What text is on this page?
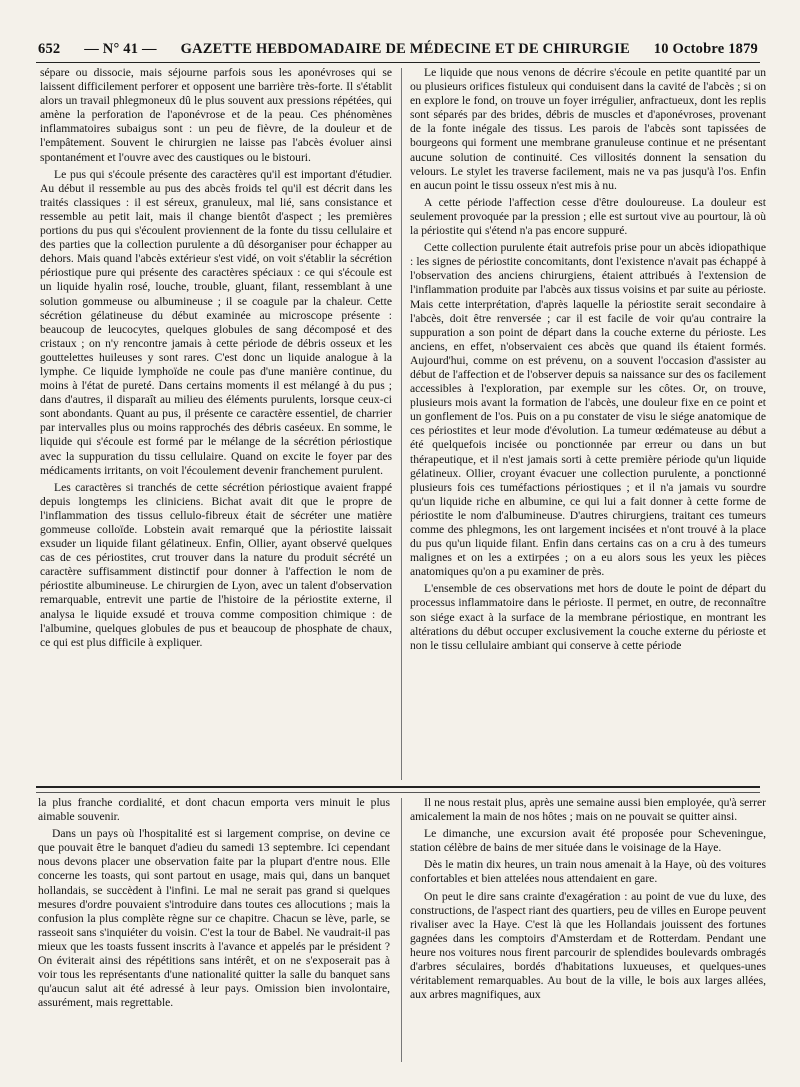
652 — N° 41 — GAZETTE HEBDOMADAIRE DE MÉDECINE ET DE CHIRURGIE 10 Octobre 1879

sépare ou dissocie, mais séjourne parfois sous les aponévroses qui se laissent difficilement perforer et opposent une barrière très-forte. Il s'établit alors un travail phlegmoneux dû le plus souvent aux pressions répétées, qui amène la perforation de l'aponévrose et de la peau. Ces phénomènes inflammatoires subaigus sont : un peu de fièvre, de la douleur et de l'empâtement. Souvent le chirurgien ne laisse pas l'abcès évoluer ainsi spontanément et l'ouvre avec des caustiques ou le bistouri.

Le pus qui s'écoule présente des caractères qu'il est important d'étudier. Au début il ressemble au pus des abcès froids tel qu'il est décrit dans les traités classiques : il est séreux, granuleux, mal lié, sans consistance et ressemble au petit lait, mais il change bientôt d'aspect ; les premières portions du pus qui s'écoulent proviennent de la fonte du tissu cellulaire et des parties que la collection purulente a dû désorganiser pour échapper au dehors. Mais quand l'abcès extérieur s'est vidé, on voit s'établir la sécrétion périostique pure qui présente des caractères spéciaux : ce qui s'écoule est un liquide hyalin rosé, louche, trouble, gluant, filant, ressemblant à une solution gommeuse ou albumineuse ; il se coagule par la chaleur. Cette sécrétion gélatineuse du début examinée au microscope présente : beaucoup de leucocytes, quelques globules de sang décomposé et des cristaux ; on n'y rencontre jamais à cette période de débris osseux et les gouttelettes huileuses y sont rares. C'est donc un liquide analogue à la lymphe. Ce liquide lymphoïde ne coule pas d'une manière continue, du moins à l'état de pureté. Dans certains moments il est mélangé à du pus ; dans d'autres, il disparaît au milieu des éléments purulents, lorsque ceux-ci sont abondants. Quant au pus, il présente ce caractère essentiel, de charrier par intervalles plus ou moins rapprochés des débris caséeux. En somme, le liquide qui s'écoule est formé par le mélange de la sécrétion périostique avec la suppuration du tissu cellulaire. Quand on excite le foyer par des médicaments irritants, on voit l'écoulement devenir franchement purulent.

Les caractères si tranchés de cette sécrétion périostique avaient frappé depuis longtemps les cliniciens. Bichat avait dit que le propre de l'inflammation des tissus cellulo-fibreux était de sécréter une matière gommeuse colloïde. Lobstein avait remarqué que la périostite laissait exsuder un liquide filant gélatineux. Enfin, Ollier, ayant observé quelques cas de ces périostites, crut trouver dans la nature du produit sécrété un caractère suffisamment distinctif pour donner à l'affection le nom de périostite albumineuse. Le chirurgien de Lyon, avec un talent d'observation remarquable, entrevit une partie de l'histoire de la périostite externe, il analysa le liquide exsudé et trouva comme composition chimique : de l'albumine, quelques globules de pus et beaucoup de phosphate de chaux, ce qui est plus difficile à expliquer.

Le liquide que nous venons de décrire s'écoule en petite quantité par un ou plusieurs orifices fistuleux qui conduisent dans la cavité de l'abcès ; si on en explore le fond, on trouve un foyer irrégulier, anfractueux, dont les replis sont séparés par des brides, débris de muscles et d'aponévroses, provenant de la fonte inégale des tissus. Les parois de l'abcès sont tapissées de bourgeons qui forment une membrane granuleuse continue et ne présentant aucune solution de continuité. Ces villosités donnent la sensation du velours. Le stylet les traverse facilement, mais ne va pas jusqu'à l'os. Enfin en aucun point le tissu osseux n'est mis à nu.

A cette période l'affection cesse d'être douloureuse. La douleur est seulement provoquée par la pression ; elle est surtout vive au pourtour, là où la périostite qui s'étend n'a pas encore suppuré.

Cette collection purulente était autrefois prise pour un abcès idiopathique : les signes de périostite concomitants, dont l'existence n'avait pas échappé à l'observation des anciens chirurgiens, étaient attribués à l'extension de l'inflammation produite par l'abcès aux tissus voisins et par suite au périoste. Mais cette interprétation, d'après laquelle la périostite serait secondaire à l'abcès, doit être renversée ; car il est facile de voir qu'au contraire la suppuration a son point de départ dans la couche externe du périoste. Les anciens, en effet, n'observaient ces abcès que quand ils étaient formés. Aujourd'hui, comme on est prévenu, on a souvent l'occasion d'assister au début de l'affection et de l'observer depuis sa naissance sur des os facilement accessibles à l'exploration, par exemple sur les côtes. Or, on trouve, plusieurs mois avant la formation de l'abcès, une douleur fixe en ce point et un gonflement de l'os. Puis on a pu constater de visu le siége anatomique de ces périostites et leur mode d'évolution. La tumeur œdémateuse au début a été quelquefois incisée ou ponctionnée par erreur ou dans un but thérapeutique, et il n'est jamais sorti à cette première période qu'un liquide gélatineux. Ollier, croyant évacuer une collection purulente, a ponctionné plusieurs fois ces tuméfactions périostiques ; et il n'a jamais vu sourdre qu'un liquide riche en albumine, ce qui lui a fait donner à cette forme de périostite le nom d'albumineuse. D'autres chirurgiens, traitant ces tumeurs comme des phlegmons, les ont largement incisées et n'ont trouvé à la place du pus qu'un liquide filant. Enfin dans certains cas on a cru à des tumeurs malignes et on les a extirpées ; on a eu alors sous les yeux les pièces anatomiques qu'on a pu examiner de près.

L'ensemble de ces observations met hors de doute le point de départ du processus inflammatoire dans le périoste. Il permet, en outre, de reconnaître son siége exact à la surface de la membrane périostique, en montrant les altérations du début occuper exclusivement la couche externe du périoste et non le tissu cellulaire ambiant qui conserve à cette période

la plus franche cordialité, et dont chacun emporta vers minuit le plus aimable souvenir.

Dans un pays où l'hospitalité est si largement comprise, on devine ce que pouvait être le banquet d'adieu du samedi 13 septembre. Ici cependant nous devons placer une observation faite par la plupart d'entre nous. Elle concerne les toasts, qui sont partout en usage, mais qui, dans un banquet hollandais, se succèdent à l'infini. Le mal ne serait pas grand si quelques mesures d'ordre pouvaient s'introduire dans toutes ces allocutions ; mais la confusion la plus complète règne sur ce chapitre. Chacun se lève, parle, se rasseoit sans s'inquiéter du voisin. C'est la tour de Babel. Ne vaudrait-il pas mieux que les toasts fussent inscrits à l'avance et appelés par le président ? On éviterait ainsi des répétitions sans intérêt, et on ne s'exposerait pas à voir tous les représentants d'une nationalité quitter la salle du banquet sans qu'aucun salut ait été adressé à leur pays. Omission bien involontaire, assurément, mais regrettable.

Il ne nous restait plus, après une semaine aussi bien employée, qu'à serrer amicalement la main de nos hôtes ; mais on ne pouvait se quitter ainsi.

Le dimanche, une excursion avait été proposée pour Scheveningue, station célèbre de bains de mer située dans le voisinage de la Haye.

Dès le matin dix heures, un train nous amenait à la Haye, où des voitures confortables et bien attelées nous attendaient en gare.

On peut le dire sans crainte d'exagération : au point de vue du luxe, des constructions, de l'aspect riant des quartiers, peu de villes en Europe peuvent rivaliser avec la Haye. C'est là que les Hollandais jouissent des fortunes gagnées dans les comptoirs d'Amsterdam et de Rotterdam. Pendant une heure nos voitures nous firent parcourir de splendides boulevards ombragés d'arbres séculaires, bordés d'habitations luxueuses, et quelques-unes véritablement remarquables. Au bout de la ville, le bois aux larges allées, aux arbres magnifiques, aux
